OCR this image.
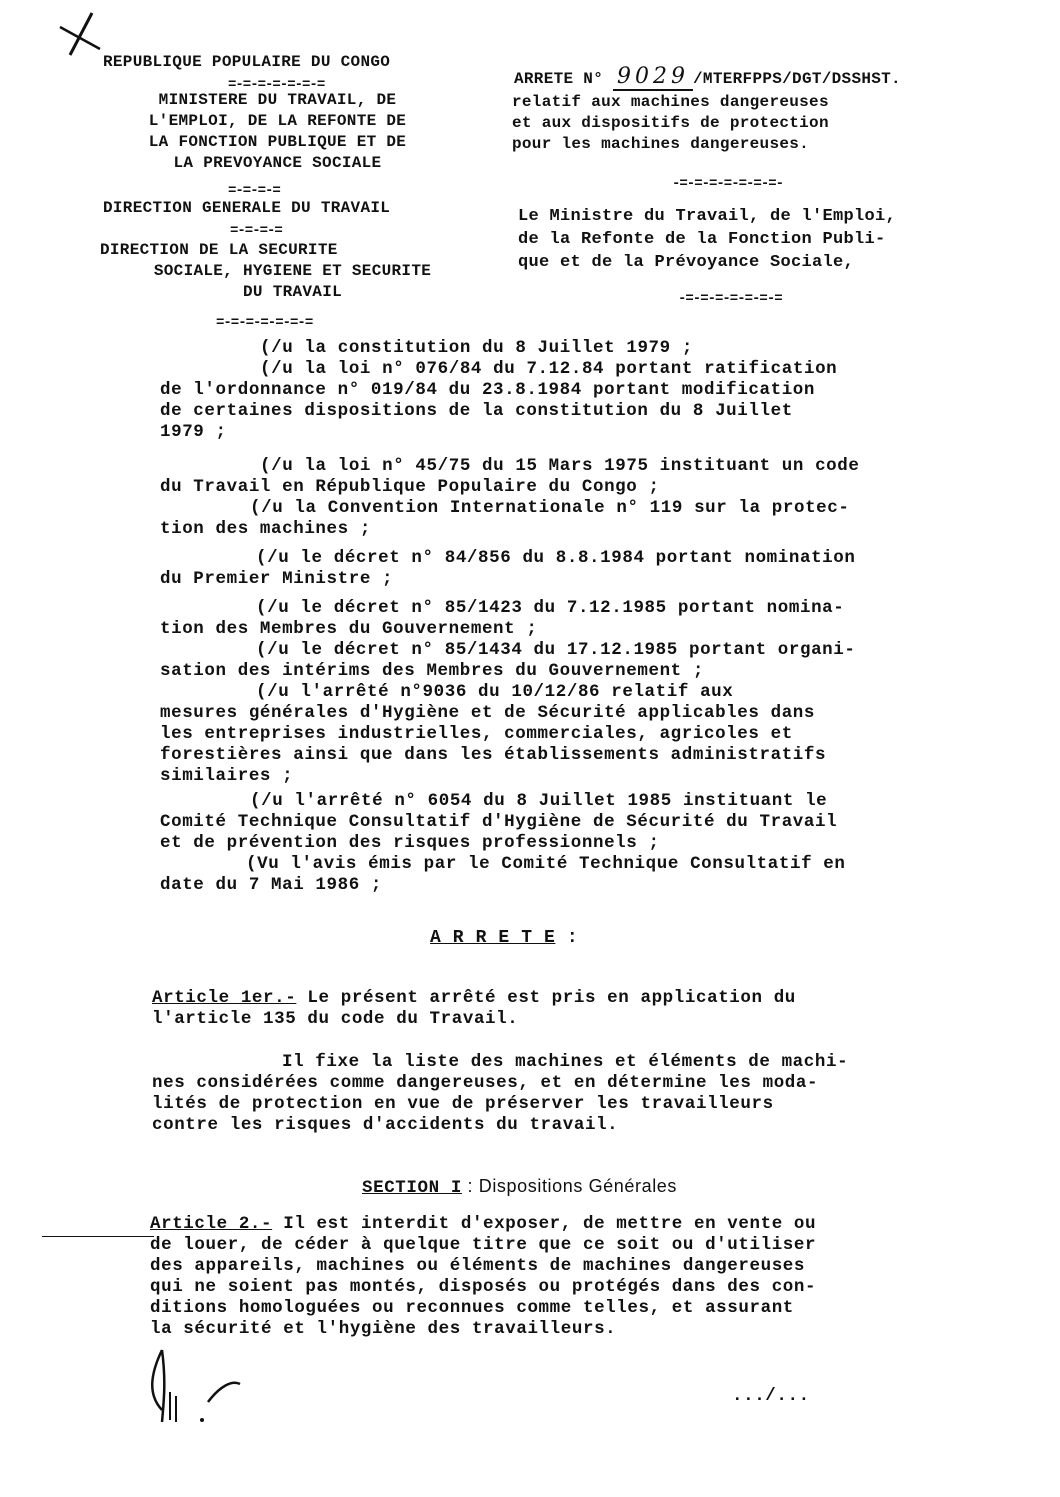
REPUBLIQUE POPULAIRE DU CONGO
=-=-=-=-=-=-=
MINISTERE DU TRAVAIL, DE
L'EMPLOI, DE LA REFONTE DE
LA FONCTION PUBLIQUE ET DE
LA PREVOYANCE SOCIALE
=-=-=-=
DIRECTION GENERALE DU TRAVAIL
=-=-=-=
DIRECTION DE LA SECURITE
SOCIALE, HYGIENE ET SECURITE
DU TRAVAIL
=-=-=-=-=-=-=
ARRETE N° 9029 /MTERFPPS/DGT/DSSHST.
relatif aux machines dangereuses
et aux dispositifs de protection
pour les machines dangereuses.
-=-=-=-=-=-=-=-
Le Ministre du Travail, de l'Emploi,
de la Refonte de la Fonction Publi-
que et de la Prévoyance Sociale,
-=-=-=-=-=-=-=
(/u la constitution du 8 Juillet 1979 ;
(/u la loi n° 076/84 du 7.12.84 portant ratification
de l'ordonnance n° 019/84 du 23.8.1984 portant modification
de certaines dispositions de la constitution du 8 Juillet
1979 ;
(/u la loi n° 45/75 du 15 Mars 1975 instituant un code
du Travail en République Populaire du Congo ;
(/u la Convention Internationale n° 119 sur la protec-
tion des machines ;
(/u le décret n° 84/856 du 8.8.1984 portant nomination
du Premier Ministre ;
(/u le décret n° 85/1423 du 7.12.1985 portant nomina-
tion des Membres du Gouvernement ;
(/u le décret n° 85/1434 du 17.12.1985 portant organi-
sation des intérims des Membres du Gouvernement ;
(/u l'arrêté n°9036 du 10/12/86 relatif aux
mesures générales d'Hygiène et de Sécurité applicables dans
les entreprises industrielles, commerciales, agricoles et
forestières ainsi que dans les établissements administratifs
similaires ;
(/u l'arrêté n° 6054 du 8 Juillet 1985 instituant le
Comité Technique Consultatif d'Hygiène de Sécurité du Travail
et de prévention des risques professionnels ;
(Vu l'avis émis par le Comité Technique Consultatif en
date du 7 Mai 1986 ;
A R R E T E :
Article 1er.- Le présent arrêté est pris en application du
l'article 135 du code du Travail.
Il fixe la liste des machines et éléments de machi-
nes considérées comme dangereuses, et en détermine les moda-
lités de protection en vue de préserver les travailleurs
contre les risques d'accidents du travail.
SECTION I : Dispositions Générales
Article 2.- Il est interdit d'exposer, de mettre en vente ou
de louer, de céder à quelque titre que ce soit ou d'utiliser
des appareils, machines ou éléments de machines dangereuses
qui ne soient pas montés, disposés ou protégés dans des con-
ditions homologuées ou reconnues comme telles, et assurant
la sécurité et l'hygiène des travailleurs.
.../...
